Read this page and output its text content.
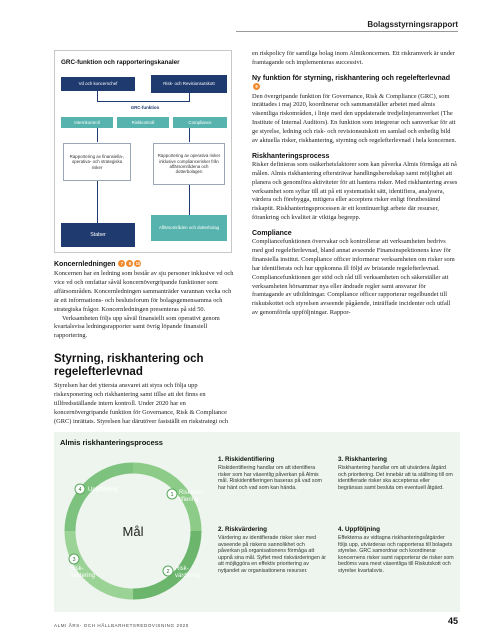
Bolagsstyrningsrapport
GRC-funktion och rapporteringskanaler
Vd och koncernchef	Risk- och Revisionsutskott
GRC-funktion
Internkontroll	Riskkontroll	Compliance
Rapportering av finansiella-, operativa- och strategiska risker
Rapportering av operativa risker inklusive compliancerisker från affärsområdena och dotterbolagen
Staber
Affärsområden och dotterbolag
Koncernledningen 7 8 10

Koncernen har en ledning som består av sju personer inklusive vd och vice vd och omfattar såväl koncernövergripande funktioner som affärsområden. Koncernledningen sammanträder varannan vecka och är ett informations- och beslutsforum för bolagsgemensamma och strategiska frågor. Koncernledningen presenteras på sid 50.

Verksamheten följs upp såväl finansiellt som operativt genom kvartalsvisa ledningsrapporter samt övrig löpande finansiell rapportering.

Styrning, riskhantering och regelefterlevnad

Styrelsen har det yttersta ansvaret att styra och följa upp riskexponering och riskhantering samt tillse att det finns en tillfredsställande intern kontroll. Under 2020 har en koncernövergripande funktion för Governance, Risk & Compliance (GRC) inrättats. Styrelsen har därutöver fastställt en riskstrategi och

en riskpolicy för samtliga bolag inom Almikoncernen. Ett riskramverk är under framtagande och implementeras successivt.

Ny funktion för styrning, riskhantering och regelefterlevnad 9

Den övergripande funktion för Governance, Risk & Compliance (GRC), som inrättades i maj 2020, koordinerar och sammanställer arbetet med almis väsentliga riskområden, i linje med den uppdaterade tredjelinjeramverket (The Institute of Internal Auditors). En funktion som integrerar och samverkar för att ge styrelse, ledning och risk- och revisionsutskott en samlad och enhetlig bild av aktuella risker, riskhantering, styrning och regelefterlevnad i hela koncernen.

Riskhanteringsprocess

Risker definieras som osäkerhetsfaktorer som kan påverka Almis förmåga att nå målen. Almis riskhantering eftersträvar handlingsberedskap samt möjlighet att planera och genomföra aktiviteter för att hantera risker. Med riskhantering avses verksamhet som syftar till att på ett systematiskt sätt, identifiera, analysera, värdera och förebygga, mitigera eller acceptera risker enligt förutbestämd riskaptit. Riskhanteringsprocessen är ett kontinuerligt arbete där resurser, förankring och kvalitet är viktiga begrepp.

Compliance

Compliancefunktionen övervakar och kontrollerar att verksamheten bedrivs med god regelefterlevnad, bland annat avseende Finansinspektionens krav för finansiella institut. Compliance officer informerar verksamheten om risker som har identifierats och hur uppkomna ill följd av bristande regelefterlevnad. Compliancefunktionen ger stöd och råd till verksamheten och säkerställer att verksamheten hörsammar nya eller ändrade regler samt ansvarar för framtagande av utbildningar. Compliance officer rapporterar regelbundet till riskutskottet och styrelsen avseende pågående, inträffade incidenter och utfall av genomförda uppföljningar. Rappor-

Almis riskhanteringsprocess
Mål
4 Uppföljning
1 Riskiden-
tifiering
2 Risk-
värdering
3
Risk-
hantering
1. Riskidentifiering
Riskidentifiering handlar om att identifiera risker som har väsentlig påverkan på Almis mål. Riskidentifieringen baseras på vad som har hänt och vad som kan hända.
3. Riskhantering
Riskhantering handlar om att utvärdera åtgärd och prioritering. Det innebär att ta ställning till om identifierade risker ska accepteras eller begränsas samt besluta om eventuell åtgärd.
2. Riskvärdering
Värdering av identifierade risker sker med avseende på riskens sannolikhet och påverkan på organisationens förmåga att uppnå sina mål. Syftet med riskvärderingen är att möjliggöra en effektiv prioritering av nytjandet av organisationens resurser.
4. Uppföljning
Effekterna av vidtagna riskhanteringsåtgärder följs upp, utvärderas och rapporteras till bolagets styrelse. GRC samordnar och koordinerar koncernens risker samt rapporterar de risker som bedöms vara mest väsentliga till Riskutskott och styrelse kvartalsvis.
ALMI ÅRS- OCH HÅLLBARHETSREDOVISNING 2020	45
